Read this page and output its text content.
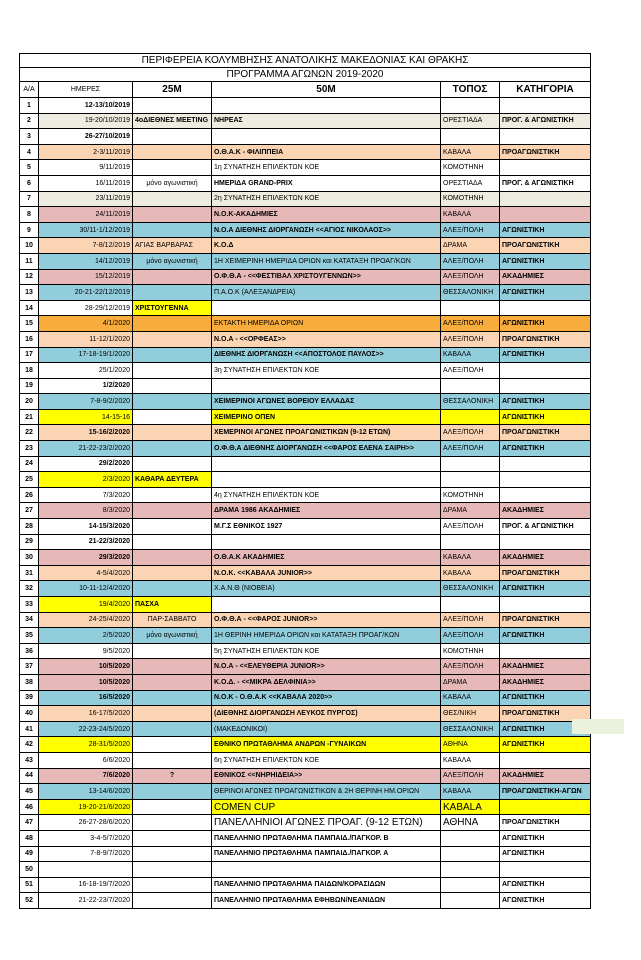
ΠΕΡΙΦΕΡΕΙΑ ΚΟΛΥΜΒΗΣΗΣ ΑΝΑΤΟΛΙΚΗΣ ΜΑΚΕΔΟΝΙΑΣ ΚΑΙ ΘΡΑΚΗΣ					
ΠΡΟΓΡΑΜΜΑ ΑΓΩΝΩΝ 2019-2020					
Α/Α	ΗΜΕΡΕΣ	25Μ	50Μ	ΤΟΠΟΣ	ΚΑΤΗΓΟΡΙΑ
1	12-13/10/2019				
2	19-20/10/2019	4οΔΙΕΘΝΕΣ MEETING	ΝΗΡΕΑΣ	ΟΡΕΣΤΙΑΔΑ	ΠΡΟΓ. & ΑΓΩΝΙΣΤΙΚΗ
3	26-27/10/2019				
4	2-3/11/2019		Ο.Θ.Α.Κ - ΦΙΛΙΠΠΕΙΑ	ΚΑΒΑΛΑ	ΠΡΟΑΓΩΝΙΣΤΙΚΗ
5	9/11/2019		1η ΣΥΝΑΤΗΣΗ ΕΠΙΛΕΚΤΩΝ ΚΟΕ	ΚΟΜΟΤΗΝΗ	
6	16/11/2019	μόνο αγωνιστική	ΗΜΕΡΙΔΑ GRAND-PRIX	ΟΡΕΣΤΙΑΔΑ	ΠΡΟΓ. & ΑΓΩΝΙΣΤΙΚΗ
7	23/11/2019		2η ΣΥΝΑΤΗΣΗ ΕΠΙΛΕΚΤΩΝ ΚΟΕ	ΚΟΜΟΤΗΝΗ	
8	24/11/2019		Ν.Ο.Κ-ΑΚΑΔΗΜΙΕΣ	ΚΑΒΑΛΑ	
9	30/11-1/12/2019		Ν.Ο.Α ΔΙΕΘΝΗΣ ΔΙΟΡΓΑΝΩΣΗ <<ΑΓΙΟΣ ΝΙΚΟΛΑΟΣ>>	ΑΛΕΞ/ΠΟΛΗ	ΑΓΩΝΙΣΤΙΚΗ
10	7-8/12/2019	ΑΓΙΑΣ ΒΑΡΒΑΡΑΣ	Κ.Ο.Δ	ΔΡΑΜΑ	ΠΡΟΑΓΩΝΙΣΤΙΚΗ
11	14/12/2019	μόνο αγωνιστική	1Η ΧΕΙΜΕΡΙΝΗ ΗΜΕΡΙΔΑ ΟΡΙΩΝ και ΚΑΤΑΤΑΞΗ ΠΡΟΑΓ/ΚΩΝ	ΑΛΕΞ/ΠΟΛΗ	ΑΓΩΝΙΣΤΙΚΗ
12	15/12/2019		Ο.Φ.Θ.Α - <<ΦΕΣΤΙΒΑΛ ΧΡΙΣΤΟΥΓΕΝΝΩΝ>>	ΑΛΕΞ/ΠΟΛΗ	ΑΚΑΔΗΜΙΕΣ
13	20-21-22/12/2019		Π.Α.Ο.Κ (ΑΛΕΞΑΝΔΡΕΙΑ)	ΘΕΣΣΑΛΟΝΙΚΗ	ΑΓΩΝΙΣΤΙΚΗ
14	28-29/12/2019	ΧΡΙΣΤΟΥΓΕΝΝΑ			
15	4/1/2020		ΕΚΤΑΚΤΗ ΗΜΕΡΙΔΑ ΟΡΙΩΝ	ΑΛΕΞ/ΠΟΛΗ	ΑΓΩΝΙΣΤΙΚΗ
16	11-12/1/2020		Ν.Ο.Α - <<ΟΡΦΕΑΣ>>	ΑΛΕΞ/ΠΟΛΗ	ΠΡΟΑΓΩΝΙΣΤΙΚΗ
17	17-18-19/1/2020		ΔΙΕΘΝΗΣ ΔΙΟΡΓΑΝΩΣΗ <<ΑΠΟΣΤΟΛΟΣ ΠΑΥΛΟΣ>>	ΚΑΒΑΛΑ	ΑΓΩΝΙΣΤΙΚΗ
18	25/1/2020		3η ΣΥΝΑΤΗΣΗ ΕΠΙΛΕΚΤΩΝ ΚΟΕ	ΑΛΕΞ/ΠΟΛΗ	
19	1/2/2020				
20	7-8-9/2/2020		ΧΕΙΜΕΡΙΝΟΙ ΑΓΩΝΕΣ ΒΟΡΕΙΟΥ ΕΛΛΑΔΑΣ	ΘΕΣΣΑΛΟΝΙΚΗ	ΑΓΩΝΙΣΤΙΚΗ
21	14-15-16		ΧΕΙΜΕΡΙΝΟ ΟΠΕΝ		ΑΓΩΝΙΣΤΙΚΗ
22	15-16/2/2020		ΧΕΜΕΡΙΝΟΙ ΑΓΩΝΕΣ ΠΡΟΑΓΩΝΙΣΤΙΚΩΝ (9-12 ΕΤΩΝ)	ΑΛΕΞ/ΠΟΛΗ	ΠΡΟΑΓΩΝΙΣΤΙΚΗ
23	21-22-23/2/2020		Ο.Φ.Θ.Α ΔΙΕΘΝΗΣ ΔΙΟΡΓΑΝΩΣΗ <<ΦΑΡΟΣ ΕΛΕΝΑ ΣΑΙΡΗ>>	ΑΛΕΞ/ΠΟΛΗ	ΑΓΩΝΙΣΤΙΚΗ
24	29/2/2020				
25	2/3/2020	ΚΑΘΑΡΑ ΔΕΥΤΕΡΑ			
26	7/3/2020		4η ΣΥΝΑΤΗΣΗ ΕΠΙΛΕΚΤΩΝ ΚΟΕ	ΚΟΜΟΤΗΝΗ	
27	8/3/2020		ΔΡΑΜΑ 1986 ΑΚΑΔΗΜΙΕΣ	ΔΡΑΜΑ	ΑΚΑΔΗΜΙΕΣ
28	14-15/3/2020		Μ.Γ.Σ ΕΘΝΙΚΟΣ 1927	ΑΛΕΞ/ΠΟΛΗ	ΠΡΟΓ. & ΑΓΩΝΙΣΤΙΚΗ
29	21-22/3/2020				
30	29/3/2020		Ο.Θ.Α.Κ ΑΚΑΔΗΜΙΕΣ	ΚΑΒΑΛΑ	ΑΚΑΔΗΜΙΕΣ
31	4-5/4/2020		Ν.Ο.Κ. <<ΚΑΒΑΛΑ JUNIOR>>	ΚΑΒΑΛΑ	ΠΡΟΑΓΩΝΙΣΤΙΚΗ
32	10-11-12/4/2020		Χ.Α.Ν.Θ (ΝΙΟΒΕΙΑ)	ΘΕΣΣΑΛΟΝΙΚΗ	ΑΓΩΝΙΣΤΙΚΗ
33	19/4/2020	ΠΑΣΧΑ			
34	24-25/4/2020	ΠΑΡ-ΣΑΒΒΑΤΟ	Ο.Φ.Θ.Α - <<ΦΑΡΟΣ JUNIOR>>	ΑΛΕΞ/ΠΟΛΗ	ΠΡΟΑΓΩΝΙΣΤΙΚΗ
35	2/5/2020	μόνο αγωνιστική	1Η ΘΕΡΙΝΗ ΗΜΕΡΙΔΑ ΟΡΙΩΝ και ΚΑΤΑΤΑΞΗ ΠΡΟΑΓ/ΚΩΝ	ΑΛΕΞ/ΠΟΛΗ	ΑΓΩΝΙΣΤΙΚΗ
36	9/5/2020		5η ΣΥΝΑΤΗΣΗ ΕΠΙΛΕΚΤΩΝ ΚΟΕ	ΚΟΜΟΤΗΝΗ	
37	10/5/2020		Ν.Ο.Α - <<ΕΛΕΥΘΕΡΙΑ JUNIOR>>	ΑΛΕΞ/ΠΟΛΗ	ΑΚΑΔΗΜΙΕΣ
38	10/5/2020		Κ.Ο.Δ. - <<ΜΙΚΡΑ ΔΕΛΦΙΝΙΑ>>	ΔΡΑΜΑ	ΑΚΑΔΗΜΙΕΣ
39	16/5/2020		Ν.Ο.Κ - Ο.Θ.Α.Κ <<ΚΑΒΑΛΑ 2020>>	ΚΑΒΑΛΑ	ΑΓΩΝΙΣΤΙΚΗ
40	16-17/5/2020		(ΔΙΕΘΝΗΣ ΔΙΟΡΓΑΝΩΣΗ ΛΕΥΚΟΣ ΠΥΡΓΟΣ)	ΘΕΣ/ΝΙΚΗ	ΠΡΟΑΓΩΝΙΣΤΙΚΗ
41	22-23-24/5/2020		(ΜΑΚΕΔΟΝΙΚΟΙ)	ΘΕΣΣΑΛΟΝΙΚΗ	ΑΓΩΝΙΣΤΙΚΗ
42	28-31/5/2020		ΕΘΝΙΚΟ ΠΡΩΤΑΘΛΗΜΑ ΑΝΔΡΩΝ -ΓΥΝΑΙΚΩΝ	ΑΘΗΝΑ	ΑΓΩΝΙΣΤΙΚΗ
43	6/6/2020		6η ΣΥΝΑΤΗΣΗ ΕΠΙΛΕΚΤΩΝ ΚΟΕ	ΚΑΒΑΛΑ	
44	7/6/2020	?	ΕΘΝΙΚΟΣ <<ΝΗΡΗΙΔΕΙΑ>>	ΑΛΕΞ/ΠΟΛΗ	ΑΚΑΔΗΜΙΕΣ
45	13-14/6/2020		ΘΕΡΙΝΟΙ ΑΓΩΝΕΣ ΠΡΟΑΓΩΝΙΣΤΙΚΩΝ & 2Η ΘΕΡΙΝΗ ΗΜ.ΟΡΙΩΝ	ΚΑΒΑΛΑ	ΠΡΟΑΓΩΝΙΣΤΙΚΗ-ΑΓΩΝ
46	19-20-21/6/2020		COMEN CUP	KABALA	
47	26-27-28/6/2020		ΠΑΝΕΛΛΗΝΙΟΙ ΑΓΩΝΕΣ ΠΡΟΑΓ. (9-12 ΕΤΩΝ)	ΑΘΗΝΑ	ΠΡΟΑΓΩΝΙΣΤΙΚΗ
48	3-4-5/7/2020		ΠΑΝΕΛΛΗΝΙΟ ΠΡΩΤΑΘΛΗΜΑ ΠΑΜΠΑΙΔ./ΠΑΓΚΟΡ. Β		ΑΓΩΝΙΣΤΙΚΗ
49	7-8-9/7/2020		ΠΑΝΕΛΛΗΝΙΟ ΠΡΩΤΑΘΛΗΜΑ ΠΑΜΠΑΙΔ./ΠΑΓΚΟΡ. Α		ΑΓΩΝΙΣΤΙΚΗ
50					
51	16-18-19/7/2020		ΠΑΝΕΛΛΗΝΙΟ ΠΡΩΤΑΘΛΗΜΑ ΠΑΙΔΩΝ/ΚΟΡΑΣΙΔΩΝ		ΑΓΩΝΙΣΤΙΚΗ
52	21-22-23/7/2020		ΠΑΝΕΛΛΗΝΙΟ ΠΡΩΤΑΘΛΗΜΑ ΕΦΗΒΩΝ/ΝΕΑΝΙΔΩΝ		ΑΓΩΝΙΣΤΙΚΗ
